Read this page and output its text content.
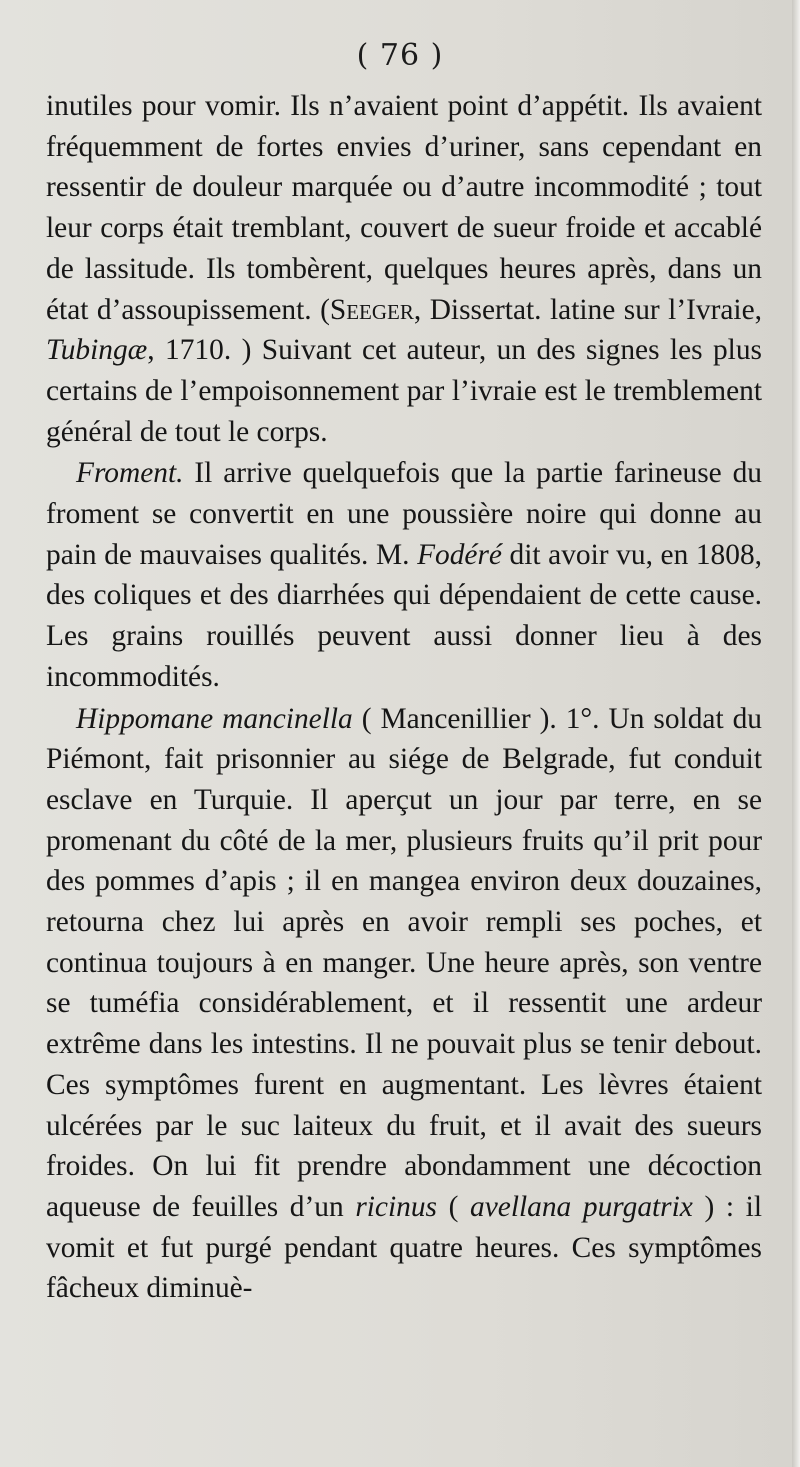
( 76 )

inutiles pour vomir. Ils n’avaient point d’appétit. Ils avaient fréquemment de fortes envies d’uriner, sans cependant en ressentir de douleur marquée ou d’autre incommodité ; tout leur corps était tremblant, couvert de sueur froide et accablé de lassitude. Ils tombèrent, quelques heures après, dans un état d’assoupissement. (Seeger, Dissertat. latine sur l’Ivraie, Tubingæ, 1710. ) Suivant cet auteur, un des signes les plus certains de l’empoisonnement par l’ivraie est le tremblement général de tout le corps.

Froment. Il arrive quelquefois que la partie farineuse du froment se convertit en une poussière noire qui donne au pain de mauvaises qualités. M. Fodéré dit avoir vu, en 1808, des coliques et des diarrhées qui dépendaient de cette cause. Les grains rouillés peuvent aussi donner lieu à des incommodités.

Hippomane mancinella ( Mancenillier ). 1°. Un soldat du Piémont, fait prisonnier au siége de Belgrade, fut conduit esclave en Turquie. Il aperçut un jour par terre, en se promenant du côté de la mer, plusieurs fruits qu’il prit pour des pommes d’apis ; il en mangea environ deux douzaines, retourna chez lui après en avoir rempli ses poches, et continua toujours à en manger. Une heure après, son ventre se tuméfia considérablement, et il ressentit une ardeur extrême dans les intestins. Il ne pouvait plus se tenir debout. Ces symptômes furent en augmentant. Les lèvres étaient ulcérées par le suc laiteux du fruit, et il avait des sueurs froides. On lui fit prendre abondamment une décoction aqueuse de feuilles d’un ricinus ( avellana purgatrix ) : il vomit et fut purgé pendant quatre heures. Ces symptômes fâcheux diminuè-
